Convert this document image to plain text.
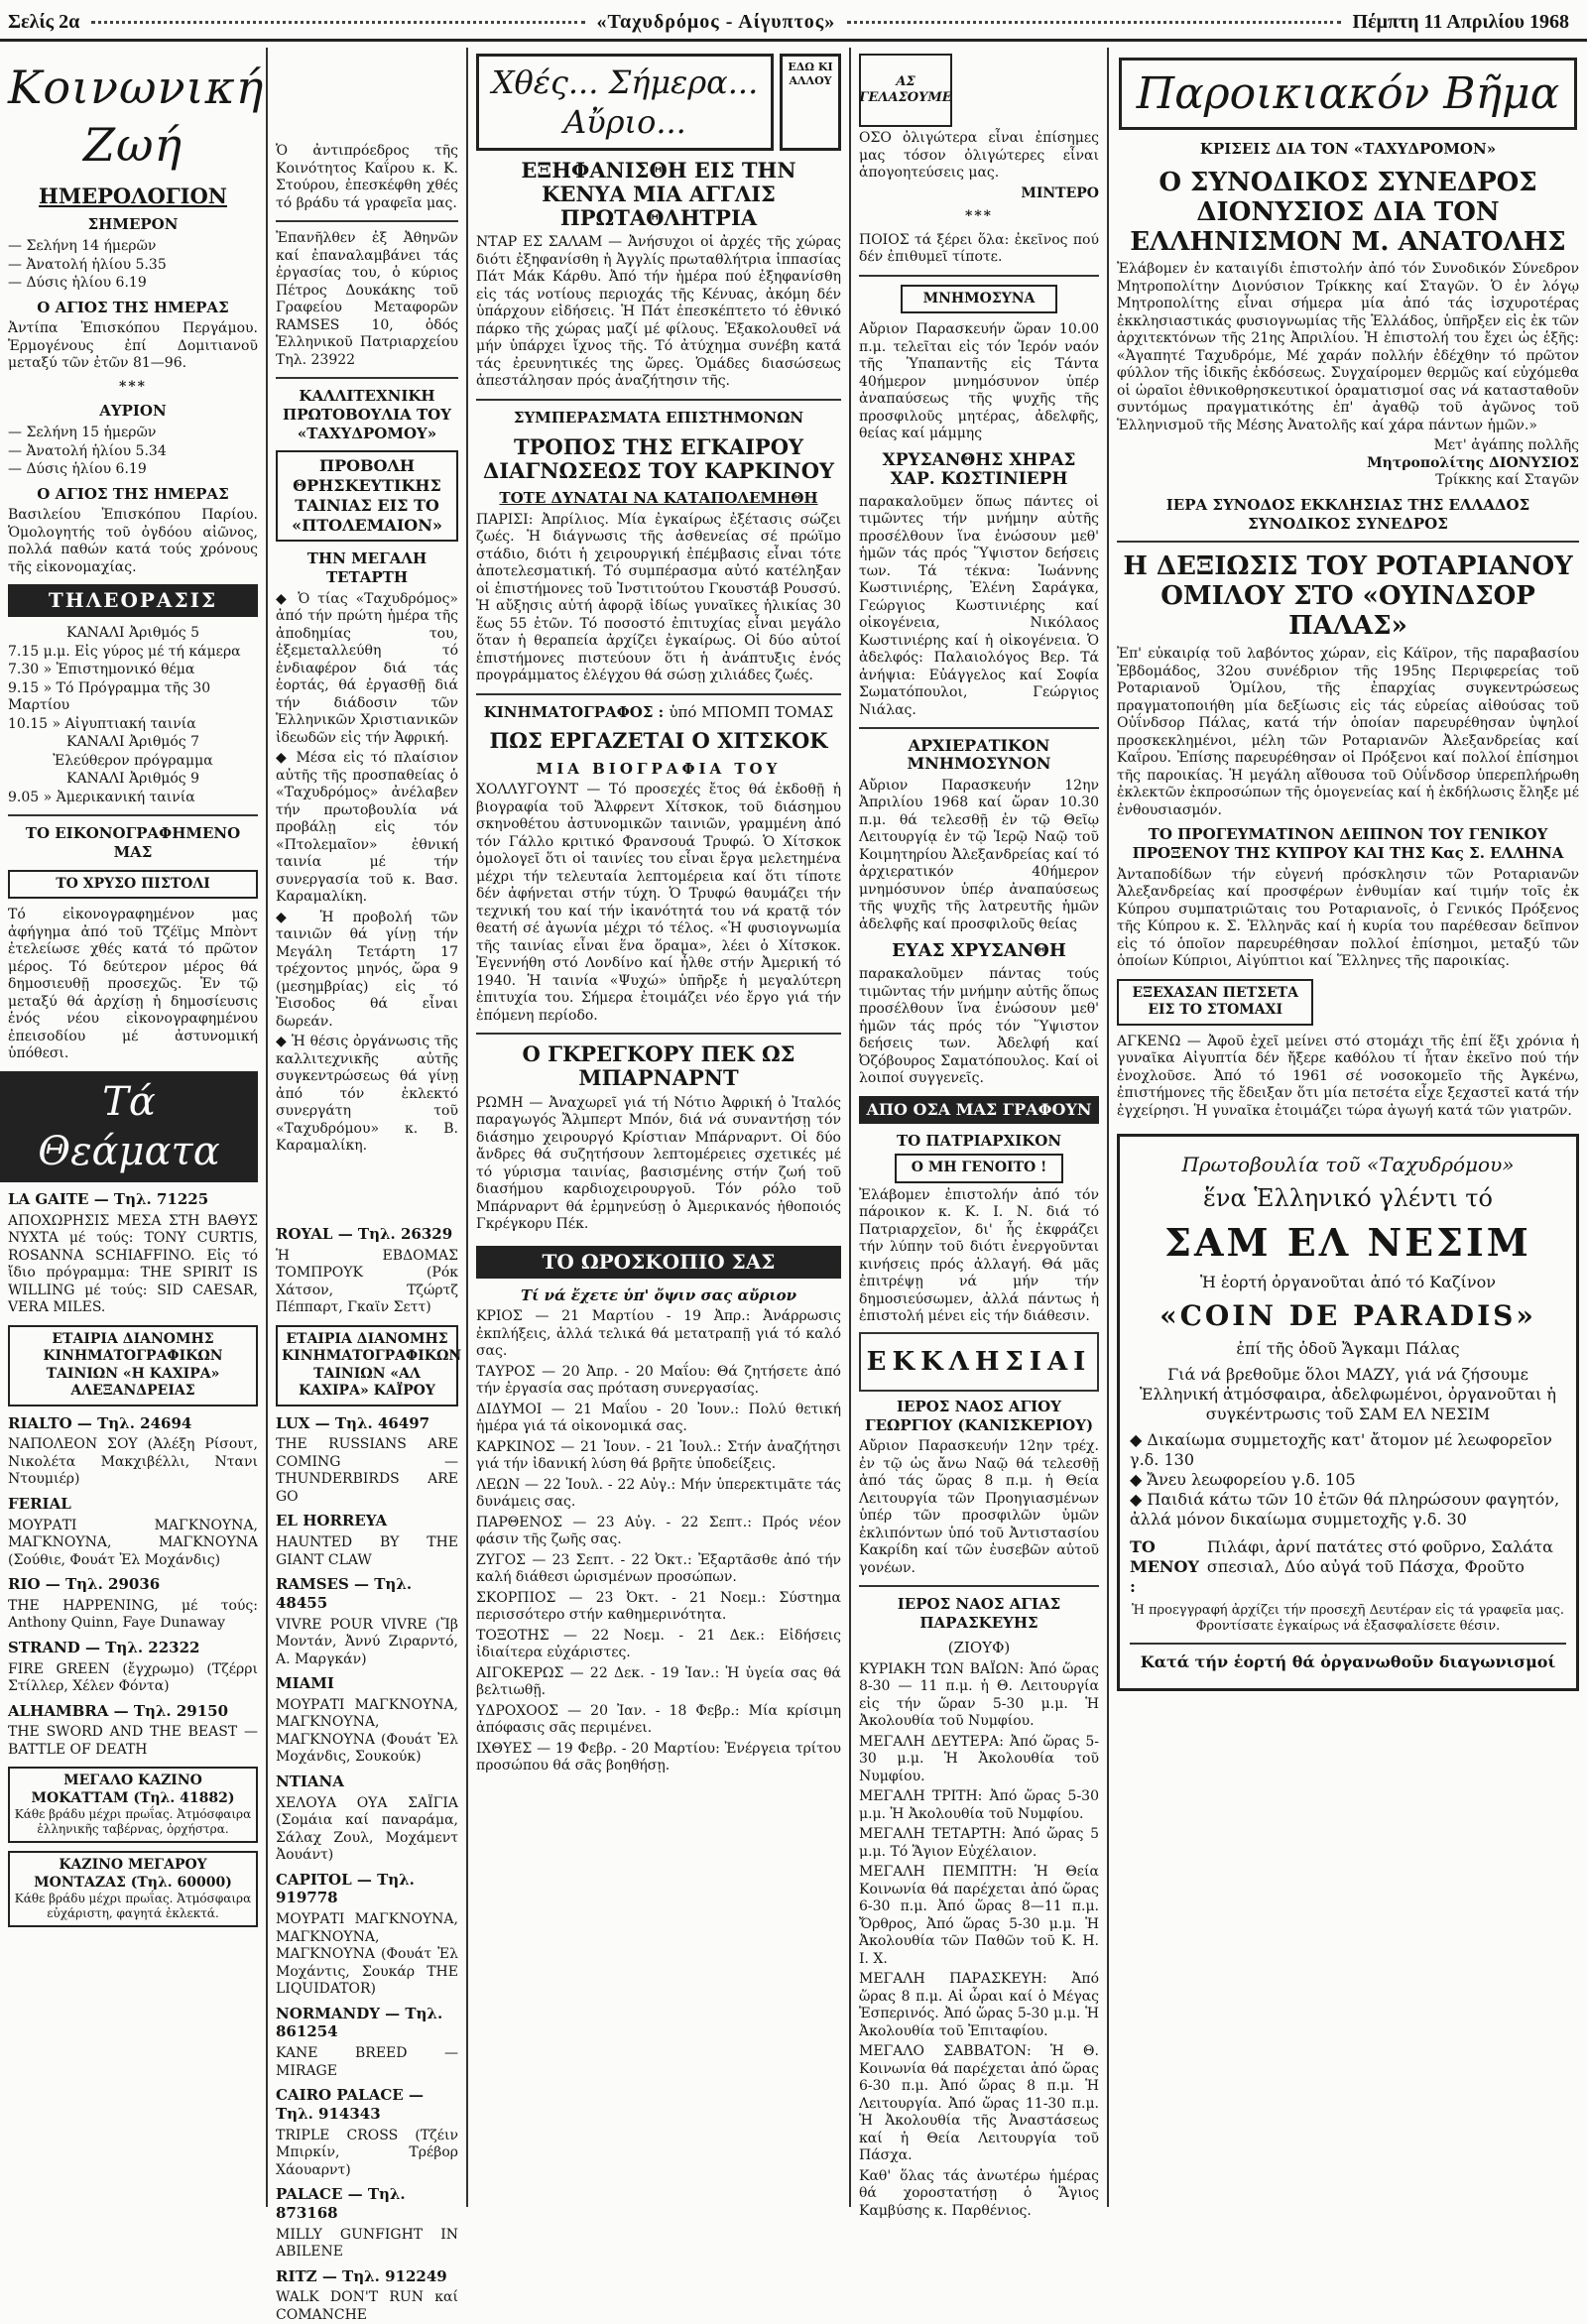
Σελίς 2α	«Ταχυδρόμος - Αίγυπτος»	Πέμπτη 11 Απριλίου 1968
Κοινωνική Ζωή
ΗΜΕΡΟΛΟΓΙΟΝ
ΣΗΜΕΡΟΝ
— Σελήνη 14 ήμερῶν
— Ἀνατολή ἡλίου 5.35
— Δύσις ἡλίου 6.19
Ο ΑΓΙΟΣ ΤΗΣ ΗΜΕΡΑΣ

Ἀντίπα Ἐπισκόπου Περγάμου. Ἑρμογένους ἐπί Δομιτιανοῦ μεταξύ τῶν ἐτῶν 81—96.

***
ΑΥΡΙΟΝ
— Σελήνη 15 ἡμερῶν
— Ἀνατολή ἡλίου 5.34
— Δύσις ἡλίου 6.19
Ο ΑΓΙΟΣ ΤΗΣ ΗΜΕΡΑΣ

Βασιλείου Ἐπισκόπου Παρίου. Ὁμολογητής τοῦ ὀγδόου αἰῶνος, πολλά παθών κατά τούς χρόνους τῆς εἰκονομαχίας.

ΤΗΛΕΟΡΑΣΙΣ
ΚΑΝΑΛΙ Ἀριθμός 5
7.15 μ.μ. Εἰς γύρος μέ τή κάμερα
7.30 » Ἐπιστημονικό θέμα
9.15 » Τό Πρόγραμμα τῆς 30 Μαρτίου
10.15 » Αἰγυπτιακή ταινία
ΚΑΝΑΛΙ Ἀριθμός 7
Ἐλεύθερον πρόγραμμα
ΚΑΝΑΛΙ Ἀριθμός 9
9.05 » Ἀμερικανική ταινία
ΤΟ ΕΙΚΟΝΟΓΡΑΦΗΜΕΝΟ ΜΑΣ
ΤΟ ΧΡΥΣΟ ΠΙΣΤΟΛΙ

Τό εἰκονογραφημένον μας ἀφήγημα ἀπό τοῦ Τζέϊμς Μπὸντ ἐτελείωσε χθές κατά τό πρῶτον μέρος. Τό δεύτερον μέρος θά δημοσιευθῇ προσεχῶς. Ἐν τῷ μεταξύ θά ἀρχίσῃ ἡ δημοσίευσις ἑνός νέου εἰκονογραφημένου ἐπεισοδίου μέ ἀστυνομική ὑπόθεσι.

Τά Θεάματα
LA GAITE — Τηλ. 71225

ΑΠΟΧΩΡΗΣΙΣ ΜΕΣΑ ΣΤΗ ΒΑΘΥΣ ΝΥΧΤΑ μέ τούς: TONY CURTIS, ROSANNA SCHIAFFINO. Εἰς τό ἴδιο πρόγραμμα: THE SPIRIT IS WILLING μέ τούς: SID CAESAR, VERA MILES.

ΕΤΑΙΡΙΑ ΔΙΑΝΟΜΗΣ ΚΙΝΗΜΑΤΟΓΡΑΦΙΚΩΝ ΤΑΙΝΙΩΝ «Η ΚΑΧΙΡΑ» ΑΛΕΞΑΝΔΡΕΙΑΣ
RIALTO — Τηλ. 24694

ΝΑΠΟΛΕΟΝ ΣΟΥ (Ἀλέξη Ρίσουτ, Νικολέτα Μακχιβέλλι, Ντανι Ντουμιέρ)

FERIAL

ΜΟΥΡΑΤΙ ΜΑΓΚΝΟΥΝΑ, ΜΑΓΚΝΟΥΝΑ, ΜΑΓΚΝΟΥΝΑ (Σούθιε, Φουάτ Ἐλ Μοχάνδις)

RIO — Τηλ. 29036

THE HAPPENING, μέ τούς: Anthony Quinn, Faye Dunaway

STRAND — Τηλ. 22322

FIRE GREEN (ἔγχρωμο) (Τζέρρι Στίλλερ, Χέλεν Φόντα)

ALHAMBRA — Τηλ. 29150

THE SWORD AND THE BEAST — BATTLE OF DEATH

ΜΕΓΑΛΟ ΚΑΖΙΝΟ ΜΟΚΑΤΤΑΜ (Τηλ. 41882)
Κάθε βράδυ μέχρι πρωΐας. Ἀτμόσφαιρα ἑλληνικῆς ταβέρνας, ὀρχήστρα.
ΚΑΖΙΝΟ ΜΕΓΑΡΟΥ ΜΟΝΤΑΖΑΣ (Τηλ. 60000)
Κάθε βράδυ μέχρι πρωΐας. Ἀτμόσφαιρα εὐχάριστη, φαγητά ἐκλεκτά.

Ὁ ἀντιπρόεδρος τῆς Κοινότητος Καΐρου κ. Κ. Στούρου, ἐπεσκέφθη χθές τό βράδυ τά γραφεῖα μας.

Ἐπανῆλθεν ἐξ Ἀθηνῶν καί ἐπαναλαμβάνει τάς ἐργασίας του, ὁ κύριος Πέτρος Δουκάκης τοῦ Γραφείου Μεταφορῶν RAMSES 10, ὁδός Ἑλληνικοῦ Πατριαρχείου Τηλ. 23922

ΚΑΛΛΙΤΕΧΝΙΚΗ ΠΡΩΤΟΒΟΥΛΙΑ ΤΟΥ «ΤΑΧΥΔΡΟΜΟΥ»
ΠΡΟΒΟΛΗ ΘΡΗΣΚΕΥΤΙΚΗΣ ΤΑΙΝΙΑΣ ΕΙΣ ΤΟ «ΠΤΟΛΕΜΑΙΟΝ»
ΤΗΝ ΜΕΓΑΛΗ ΤΕΤΑΡΤΗ

◆ Ὁ τίας «Ταχυδρόμος» ἀπό τήν πρώτη ἡμέρα τῆς ἀποδημίας του, ἐξεμεταλλεύθη τό ἐνδιαφέρον διά τάς ἑορτάς, θά ἐργασθῇ διά τήν διάδοσιν τῶν Ἑλληνικῶν Χριστιανικῶν ἰδεωδῶν εἰς τήν Ἀφρική.

◆ Μέσα εἰς τό πλαίσιον αὐτῆς τῆς προσπαθείας ὁ «Ταχυδρόμος» ἀνέλαβεν τήν πρωτοβουλία νά προβάλῃ εἰς τόν «Πτολεμαῖον» ἐθνική ταινία μέ τήν συνεργασία τοῦ κ. Βασ. Καραμαλίκη.

◆ Ἡ προβολή τῶν ταινιῶν θά γίνῃ τήν Μεγάλη Τετάρτη 17 τρέχοντος μηνός, ὥρα 9 (μεσημβρίας) εἰς τό Ἐισοδος θά εἶναι δωρεάν.

◆ Ἡ θέσις ὀργάνωσις τῆς καλλιτεχνικῆς αὐτῆς συγκεντρώσεως θά γίνῃ ἀπό τόν ἐκλεκτό συνεργάτη τοῦ «Ταχυδρόμου» κ. Β. Καραμαλίκη.

ROYAL — Τηλ. 26329

Ἡ ΕΒΔΟΜΑΣ ΤΟΜΠΡΟΥΚ (Ρόκ Χάτσον, Τζώρτζ Πέππαρτ, Γκαϊν Σεττ)

ΕΤΑΙΡΙΑ ΔΙΑΝΟΜΗΣ ΚΙΝΗΜΑΤΟΓΡΑΦΙΚΩΝ ΤΑΙΝΙΩΝ «ΑΛ ΚΑΧΙΡΑ» ΚΑΪΡΟΥ
LUX — Τηλ. 46497

THE RUSSIANS ARE COMING — THUNDERBIRDS ARE GO

EL HORREYA

HAUNTED BY THE GIANT CLAW

RAMSES — Τηλ. 48455

VIVRE POUR VIVRE (Ἴβ Μοντάν, Ἀννύ Ζιραρντό, Α. Μαργκάν)

MIAMI

ΜΟΥΡΑΤΙ ΜΑΓΚΝΟΥΝΑ, ΜΑΓΚΝΟΥΝΑ, ΜΑΓΚΝΟΥΝΑ (Φουάτ Ἐλ Μοχάνδις, Σουκούκ)

ΝΤΙΑΝΑ

ΧΕΛΟΥΑ ΟΥΑ ΣΑΪΓΙΑ (Σομάια καί παναράμα, Σάλαχ Ζουλ, Μοχάμεντ Ἀουάντ)

CAPITOL — Τηλ. 919778

ΜΟΥΡΑΤΙ ΜΑΓΚΝΟΥΝΑ, ΜΑΓΚΝΟΥΝΑ, ΜΑΓΚΝΟΥΝΑ (Φουάτ Ἐλ Μοχάντις, Σουκάρ ΤΗΕ LIQUIDATOR)

NORMANDY — Τηλ. 861254

KANE BREED — MIRAGE

CAIRO PALACE — Τηλ. 914343

TRIPLE CROSS (Τζέιν Μπιρκίν, Τρέβορ Χάουαρντ)

PALACE — Τηλ. 873168

MILLY GUNFIGHT IN ABILENE

RITZ — Τηλ. 912249

WALK DON'T RUN καί COMANCHE

Χθές... Σήμερα... Αὔριο...
ΕΔΩ ΚΙ ΑΛΛΟΥ
ΕΞΗΦΑΝΙΣΘΗ ΕΙΣ ΤΗΝ ΚΕΝΥΑ ΜΙΑ ΑΓΓΛΙΣ ΠΡΩΤΑΘΛΗΤΡΙΑ

ΝΤΑΡ ΕΣ ΣΑΛΑΜ — Ἀνήσυχοι οἱ ἀρχές τῆς χώρας διότι ἐξηφανίσθη ἡ Ἀγγλίς πρωταθλήτρια ἱππασίας Πάτ Μάκ Κάρθυ. Ἀπό τήν ἡμέρα πού ἐξηφανίσθη εἰς τάς νοτίους περιοχάς τῆς Κένυας, ἀκόμη δέν ὑπάρχουν εἰδήσεις. Ἡ Πάτ ἐπεσκέπτετο τό ἐθνικό πάρκο τῆς χώρας μαζί μέ φίλους. Ἐξακολουθεῖ νά μήν ὑπάρχει ἴχνος τῆς. Τό ἀτύχημα συνέβη κατά τάς ἐρευνητικές της ὥρες. Ὁμάδες διασώσεως ἀπεστάλησαν πρός ἀναζήτησιν τῆς.

ΣΥΜΠΕΡΑΣΜΑΤΑ ΕΠΙΣΤΗΜΟΝΩΝ
ΤΡΟΠΟΣ ΤΗΣ ΕΓΚΑΙΡΟΥ ΔΙΑΓΝΩΣΕΩΣ ΤΟΥ ΚΑΡΚΙΝΟΥ
ΤΟΤΕ ΔΥΝΑΤΑΙ ΝΑ ΚΑΤΑΠΟΛΕΜΗΘΗ

ΠΑΡΙΣΙ: Ἀπρίλιος. Μία ἐγκαίρως ἐξέτασις σώζει ζωές. Ἡ διάγνωσις τῆς ἀσθενείας σέ πρώϊμο στάδιο, διότι ἡ χειρουργική ἐπέμβασις εἶναι τότε ἀποτελεσματική. Τό συμπέρασμα αὐτό κατέληξαν οἱ ἐπιστήμονες τοῦ Ἰνστιτούτου Γκουστάβ Ρουσσύ. Ἡ αὔξησις αὐτή ἀφορᾷ ἰδίως γυναῖκες ἡλικίας 30 ἕως 55 ἐτῶν. Τό ποσοστό ἐπιτυχίας εἶναι μεγάλο ὅταν ἡ θεραπεία ἀρχίζει ἐγκαίρως. Οἱ δύο αὐτοί ἐπιστήμονες πιστεύουν ὅτι ἡ ἀνάπτυξις ἐνός προγράμματος ἐλέγχου θά σώσῃ χιλιάδες ζωές.

ΚΙΝΗΜΑΤΟΓΡΑΦΟΣ : ὑπό ΜΠΟΜΠ ΤΟΜΑΣ
ΠΩΣ ΕΡΓΑΖΕΤΑΙ Ο ΧΙΤΣΚΟΚ
ΜΙΑ ΒΙΟΓΡΑΦΙΑ ΤΟΥ

ΧΟΛΛΥΓΟΥΝΤ — Τό προσεχές ἔτος θά ἐκδοθῇ ἡ βιογραφία τοῦ Ἄλφρεντ Χίτσκοκ, τοῦ διάσημου σκηνοθέτου ἀστυνομικῶν ταινιῶν, γραμμένη ἀπό τόν Γάλλο κριτικό Φρανσουά Τρυφώ. Ὁ Χίτσκοκ ὁμολογεῖ ὅτι οἱ ταινίες του εἶναι ἔργα μελετημένα μέχρι τήν τελευταία λεπτομέρεια καί ὅτι τίποτε δέν ἀφήνεται στήν τύχη. Ὁ Τρυφώ θαυμάζει τήν τεχνική του καί τήν ἱκανότητά του νά κρατᾷ τόν θεατή σέ ἀγωνία μέχρι τό τέλος. «Ἡ φυσιογνωμία τῆς ταινίας εἶναι ἕνα ὅραμα», λέει ὁ Χίτσκοκ. Ἐγεννήθη στό Λονδίνο καί ἦλθε στήν Ἀμερική τό 1940. Ἡ ταινία «Ψυχώ» ὑπῆρξε ἡ μεγαλύτερη ἐπιτυχία του. Σήμερα ἑτοιμάζει νέο ἔργο γιά τήν ἐπόμενη περίοδο.

Ο ΓΚΡΕΓΚΟΡΥ ΠΕΚ ΩΣ ΜΠΑΡΝΑΡΝΤ

ΡΩΜΗ — Ἀναχωρεῖ γιά τή Νότιο Ἀφρική ὁ Ἰταλός παραγωγός Ἄλμπερτ Μπόν, διά νά συναντήσῃ τόν διάσημο χειρουργό Κρίστιαν Μπάρναρντ. Οἱ δύο ἄνδρες θά συζητήσουν λεπτομέρειες σχετικές μέ τό γύρισμα ταινίας, βασισμένης στήν ζωή τοῦ διασήμου καρδιοχειρουργοῦ. Τόν ρόλο τοῦ Μπάρναρντ θά ἑρμηνεύσῃ ὁ Ἀμερικανός ἠθοποιός Γκρέγκορυ Πέκ.

ΤΟ ΩΡΟΣΚΟΠΙΟ ΣΑΣ
Τί νά ἔχετε ὑπ' ὄψιν σας αὔριον

ΚΡΙΟΣ — 21 Μαρτίου - 19 Ἀπρ.: Ἀνάρρωσις ἐκπλήξεις, ἀλλά τελικά θά μετατραπῇ γιά τό καλό σας.

ΤΑΥΡΟΣ — 20 Ἀπρ. - 20 Μαΐου: Θά ζητήσετε ἀπό τήν ἐργασία σας πρόταση συνεργασίας.

ΔΙΔΥΜΟΙ — 21 Μαΐου - 20 Ἰουν.: Πολύ θετική ἡμέρα γιά τά οἰκονομικά σας.

ΚΑΡΚΙΝΟΣ — 21 Ἰουν. - 21 Ἰουλ.: Στήν ἀναζήτησι γιά τήν ἰδανική λύση θά βρῆτε ὑποδείξεις.

ΛΕΩΝ — 22 Ἰουλ. - 22 Αὐγ.: Μήν ὑπερεκτιμᾶτε τάς δυνάμεις σας.

ΠΑΡΘΕΝΟΣ — 23 Αὐγ. - 22 Σεπτ.: Πρός νέον φάσιν τῆς ζωῆς σας.

ΖΥΓΟΣ — 23 Σεπτ. - 22 Ὀκτ.: Ἐξαρτᾶσθε ἀπό τήν καλή διάθεσι ὡρισμένων προσώπων.

ΣΚΟΡΠΙΟΣ — 23 Ὀκτ. - 21 Νοεμ.: Σύστημα περισσότερο στήν καθημερινότητα.

ΤΟΞΟΤΗΣ — 22 Νοεμ. - 21 Δεκ.: Εἰδήσεις ἰδιαίτερα εὐχάριστες.

ΑΙΓΟΚΕΡΩΣ — 22 Δεκ. - 19 Ἰαν.: Ἡ ὑγεία σας θά βελτιωθῇ.

ΥΔΡΟΧΟΟΣ — 20 Ἰαν. - 18 Φεβρ.: Μία κρίσιμη ἀπόφασις σᾶς περιμένει.

ΙΧΘΥΕΣ — 19 Φεβρ. - 20 Μαρτίου: Ἐνέργεια τρίτου προσώπου θά σᾶς βοηθήσῃ.

ΑΣ ΓΕΛΑΣΟΥΜΕ

ΟΣΟ ὀλιγώτερα εἶναι ἐπίσημες μας τόσον ὀλιγώτερες εἶναι ἀπογοητεύσεις μας.

ΜΙΝΤΕΡΟ
***

ΠΟΙΟΣ τά ξέρει ὅλα: ἐκεῖνος πού δέν ἐπιθυμεῖ τίποτε.

ΜΝΗΜΟΣΥΝΑ

Αὔριον Παρασκευήν ὥραν 10.00 π.μ. τελεῖται εἰς τόν Ἱερόν ναόν τῆς Ὑπαπαντῆς εἰς Τάντα 40ήμερον μνημόσυνον ὑπέρ ἀναπαύσεως τῆς ψυχῆς τῆς προσφιλοῦς μητέρας, ἀδελφῆς, θείας καί μάμμης

ΧΡΥΣΑΝΘΗΣ ΧΗΡΑΣ ΧΑΡ. ΚΩΣΤΙΝΙΕΡΗ

παρακαλοῦμεν ὅπως πάντες οἱ τιμῶντες τήν μνήμην αὐτῆς προσέλθουν ἵνα ἑνώσουν μεθ' ἡμῶν τάς πρός Ὕψιστον δεήσεις των. Τά τέκνα: Ἰωάννης Κωστινιέρης, Ἐλένη Σαράγκα, Γεώργιος Κωστινιέρης καί οἰκογένεια, Νικόλαος Κωστινιέρης καί ἡ οἰκογένεια. Ὁ ἀδελφός: Παλαιολόγος Βερ. Τά ἀνήψια: Εὐάγγελος καί Σοφία Σωματόπουλοι, Γεώργιος Νιάλας.

ΑΡΧΙΕΡΑΤΙΚΟΝ ΜΝΗΜΟΣΥΝΟΝ

Αὔριον Παρασκευήν 12ην Ἀπριλίου 1968 καί ὥραν 10.30 π.μ. θά τελεσθῇ ἐν τῷ Θεῖῳ Λειτουργίᾳ ἐν τῷ Ἱερῷ Ναῷ τοῦ Κοιμητηρίου Ἀλεξανδρείας καί τό ἀρχιερατικόν 40ήμερον μνημόσυνον ὑπέρ ἀναπαύσεως τῆς ψυχῆς τῆς λατρευτῆς ἡμῶν ἀδελφῆς καί προσφιλοῦς θείας

ΕΥΑΣ ΧΡΥΣΑΝΘΗ

παρακαλοῦμεν πάντας τούς τιμῶντας τήν μνήμην αὐτῆς ὅπως προσέλθουν ἵνα ἑνώσουν μεθ' ἡμῶν τάς πρός τόν Ὕψιστον δεήσεις των. Ἀδελφή καί Ὀζόβουρος Σαματόπουλος. Καί οἱ λοιποί συγγενεῖς.

ΑΠΟ ΟΣΑ ΜΑΣ ΓΡΑΦΟΥΝ
ΤΟ ΠΑΤΡΙΑΡΧΙΚΟΝ
Ο ΜΗ ΓΕΝΟΙΤΟ !

Ἐλάβομεν ἐπιστολήν ἀπό τόν πάροικον κ. Κ. Ι. Ν. διά τό Πατριαρχεῖον, δι' ἧς ἐκφράζει τήν λύπην τοῦ διότι ἐνεργοῦνται κινήσεις πρός ἀλλαγή. Θά μᾶς ἐπιτρέψῃ νά μήν τήν δημοσιεύσωμεν, ἀλλά πάντως ἡ ἐπιστολή μένει εἰς τήν διάθεσιν.

ΕΚΚΛΗΣΙΑΙ
ΙΕΡΟΣ ΝΑΟΣ ΑΓΙΟΥ ΓΕΩΡΓΙΟΥ (ΚΑΝΙΣΚΕΡΙΟΥ)

Αὔριον Παρασκευήν 12ην τρέχ. ἐν τῷ ὡς ἄνω Ναῷ θά τελεσθῇ ἀπό τάς ὥρας 8 π.μ. ἡ Θεία Λειτουργία τῶν Προηγιασμένων ὑπέρ τῶν προσφιλῶν ὑμῶν ἐκλιπόντων ὑπό τοῦ Ἀντιστασίου Κακρίδη καί τῶν ἐυσεβῶν αὐτοῦ γονέων.

ΙΕΡΟΣ ΝΑΟΣ ΑΓΙΑΣ ΠΑΡΑΣΚΕΥΗΣ
(ΖΙΟΥΦ)

ΚΥΡΙΑΚΗ ΤΩΝ ΒΑΪΩΝ: Ἀπό ὥρας 8-30 — 11 π.μ. ἡ Θ. Λειτουργία εἰς τήν ὥραν 5-30 μ.μ. Ἡ Ἀκολουθία τοῦ Νυμφίου.

ΜΕΓΑΛΗ ΔΕΥΤΕΡΑ: Ἀπό ὥρας 5-30 μ.μ. Ἡ Ἀκολουθία τοῦ Νυμφίου.

ΜΕΓΑΛΗ ΤΡΙΤΗ: Ἀπό ὥρας 5-30 μ.μ. Ἡ Ἀκολουθία τοῦ Νυμφίου.

ΜΕΓΑΛΗ ΤΕΤΑΡΤΗ: Ἀπό ὥρας 5 μ.μ. Τό Ἅγιον Εὐχέλαιον.

ΜΕΓΑΛΗ ΠΕΜΠΤΗ: Ἡ Θεία Κοινωνία θά παρέχεται ἀπό ὥρας 6-30 π.μ. Ἀπό ὥρας 8—11 π.μ. Ὄρθρος, Ἀπό ὥρας 5-30 μ.μ. Ἡ Ἀκολουθία τῶν Παθῶν τοῦ Κ. Η. Ι. Χ.

ΜΕΓΑΛΗ ΠΑΡΑΣΚΕΥΗ: Ἀπό ὥρας 8 π.μ. Αἱ ὧραι καί ὁ Μέγας Ἑσπερινός. Ἀπό ὥρας 5-30 μ.μ. Ἡ Ἀκολουθία τοῦ Ἐπιταφίου.

ΜΕΓΑΛΟ ΣΑΒΒΑΤΟΝ: Ἡ Θ. Κοινωνία θά παρέχεται ἀπό ὥρας 6-30 π.μ. Ἀπό ὥρας 8 π.μ. Ἡ Λειτουργία. Ἀπό ὥρας 11-30 π.μ. Ἡ Ἀκολουθία τῆς Ἀναστάσεως καί ἡ Θεία Λειτουργία τοῦ Πάσχα.

Καθ' ὅλας τάς ἀνωτέρω ἡμέρας θά χοροστατήσῃ ὁ Ἅγιος Καμβύσης κ. Παρθένιος.

Παροικιακόν Βῆμα
ΚΡΙΣΕΙΣ ΔΙΑ ΤΟΝ «ΤΑΧΥΔΡΟΜΟΝ»
Ο ΣΥΝΟΔΙΚΟΣ ΣΥΝΕΔΡΟΣ ΔΙΟΝΥΣΙΟΣ ΔΙΑ ΤΟΝ ΕΛΛΗΝΙΣΜΟΝ Μ. ΑΝΑΤΟΛΗΣ

Ἐλάβομεν ἐν καταιγίδι ἐπιστολήν ἀπό τόν Συνοδικόν Σύνεδρον Μητροπολίτην Διονύσιον Τρίκκης καί Σταγῶν. Ὁ ἐν λόγῳ Μητροπολίτης εἶναι σήμερα μία ἀπό τάς ἰσχυροτέρας ἐκκλησιαστικάς φυσιογνωμίας τῆς Ἑλλάδος, ὑπῆρξεν εἰς ἐκ τῶν ἀρχιτεκτόνων τῆς 21ης Ἀπριλίου. Ἡ ἐπιστολή του ἔχει ὡς ἑξῆς: «Ἀγαπητέ Ταχυδρόμε, Μέ χαράν πολλήν ἐδέχθην τό πρῶτον φύλλον τῆς ἰδικῆς ἐκδόσεως. Συγχαίρομεν θερμῶς καί εὐχόμεθα οἱ ὡραῖοι ἐθνικοθρησκευτικοί ὁραματισμοί σας νά κατασταθοῦν συντόμως πραγματικότης ἐπ' ἀγαθῷ τοῦ ἀγῶνος τοῦ Ἑλληνισμοῦ τῆς Μέσης Ἀνατολῆς καί χάρα πάντων ἡμῶν.»

Μετ' ἀγάπης πολλῆς
Μητροπολίτης ΔΙΟΝΥΣΙΟΣ
Τρίκκης καί Σταγῶν
ΙΕΡΑ ΣΥΝΟΔΟΣ ΕΚΚΛΗΣΙΑΣ ΤΗΣ ΕΛΛΑΔΟΣ ΣΥΝΟΔΙΚΟΣ ΣΥΝΕΔΡΟΣ
Η ΔΕΞΙΩΣΙΣ ΤΟΥ ΡΟΤΑΡΙΑΝΟΥ ΟΜΙΛΟΥ ΣΤΟ «ΟΥΙΝΔΣΟΡ ΠΑΛΑΣ»

Ἐπ' εὐκαιρίᾳ τοῦ λαβόντος χώραν, εἰς Κάϊρον, τῆς παραβασίου Ἐβδομάδος, 32ου συνέδριον τῆς 195ης Περιφερείας τοῦ Ροταριανοῦ Ὁμίλου, τῆς ἐπαρχίας συγκεντρώσεως πραγματοποιήθη μία δεξίωσις εἰς τάς εὐρείας αἰθούσας τοῦ Οὐΐνδσορ Πάλας, κατά τήν ὁποίαν παρευρέθησαν ὑψηλοί προσκεκλημένοι, μέλη τῶν Ροταριανῶν Ἀλεξανδρείας καί Καΐρου. Ἐπίσης παρευρέθησαν οἱ Πρόξενοι καί πολλοί ἐπίσημοι τῆς παροικίας. Ἡ μεγάλη αἴθουσα τοῦ Οὐΐνδσορ ὑπερεπλήρωθη ἐκλεκτῶν ἐκπροσώπων τῆς ὁμογενείας καί ἡ ἐκδήλωσις ἔληξε μέ ἐνθουσιασμόν.

ΤΟ ΠΡΟΓΕΥΜΑΤΙΝΟΝ ΔΕΙΠΝΟΝ ΤΟΥ ΓΕΝΙΚΟΥ ΠΡΟΞΕΝΟΥ ΤΗΣ ΚΥΠΡΟΥ ΚΑΙ ΤΗΣ Κας Σ. ΕΛΛΗΝΑ

Ἀνταποδίδων τήν εὐγενή πρόσκλησιν τῶν Ροταριανῶν Ἀλεξανδρείας καί προσφέρων ἐνθυμίαν καί τιμήν τοῖς ἐκ Κύπρου συμπατριῶταις του Ροταριανοῖς, ὁ Γενικός Πρόξενος τῆς Κύπρου κ. Σ. Ἑλληνᾶς καί ἡ κυρία του παρέθεσαν δεῖπνον εἰς τό ὁποῖον παρευρέθησαν πολλοί ἐπίσημοι, μεταξύ τῶν ὁποίων Κύπριοι, Αἰγύπτιοι καί Ἕλληνες τῆς παροικίας.

ΕΞΕΧΑΣΑΝ ΠΕΤΣΕΤΑ ΕΙΣ ΤΟ ΣΤΟΜΑΧΙ

ΑΓΚΕΝΩ — Ἀφοῦ ἐχεῖ μείνει στό στομάχι τῆς ἐπί ἕξι χρόνια ἡ γυναῖκα Αἰγυπτία δέν ἤξερε καθόλου τί ἦταν ἐκεῖνο πού τήν ἐνοχλοῦσε. Ἀπό τό 1961 σέ νοσοκομεῖο τῆς Ἀγκένω, ἐπιστήμονες τῆς ἔδειξαν ὅτι μία πετσέτα εἶχε ξεχαστεῖ κατά τήν ἐγχείρησι. Ἡ γυναῖκα ἐτοιμάζει τώρα ἀγωγή κατά τῶν γιατρῶν.

Πρωτοβουλία τοῦ «Ταχυδρόμου»
ἕνα Ἑλληνικό γλέντι τό
ΣΑΜ ΕΛ ΝΕΣΙΜ
Ἡ ἑορτή ὀργανοῦται ἀπό τό Καζίνον
«COIN DE PARADIS»
ἐπί τῆς ὁδοῦ Ἄγκαμι Πάλας
Γιά νά βρεθοῦμε ὅλοι ΜΑΖΥ, γιά νά ζήσουμε Ἑλληνική ἀτμόσφαιρα, ἀδελφωμένοι, ὀργανοῦται ἡ συγκέντρωσις τοῦ ΣΑΜ ΕΛ ΝΕΣΙΜ
◆ Δικαίωμα συμμετοχῆς κατ' ἄτομον μέ λεωφορεῖον γ.δ. 130
◆ Ἄνευ λεωφορείου γ.δ. 105
◆ Παιδιά κάτω τῶν 10 ἐτῶν θά πληρώσουν φαγητόν, ἀλλά μόνον δικαίωμα συμμετοχῆς γ.δ. 30
ΤΟ ΜΕΝΟΥ :
Πιλάφι, ἀρνί πατάτες στό φοῦρνο, Σαλάτα σπεσιαλ, Δύο αὐγά τοῦ Πάσχα, Φροῦτο
Ἡ προεγγραφή ἀρχίζει τήν προσεχῆ Δευτέραν εἰς τά γραφεῖα μας. Φροντίσατε ἐγκαίρως νά ἐξασφαλίσετε θέσιν.
Κατά τήν ἑορτή θά ὀργανωθοῦν διαγωνισμοί
